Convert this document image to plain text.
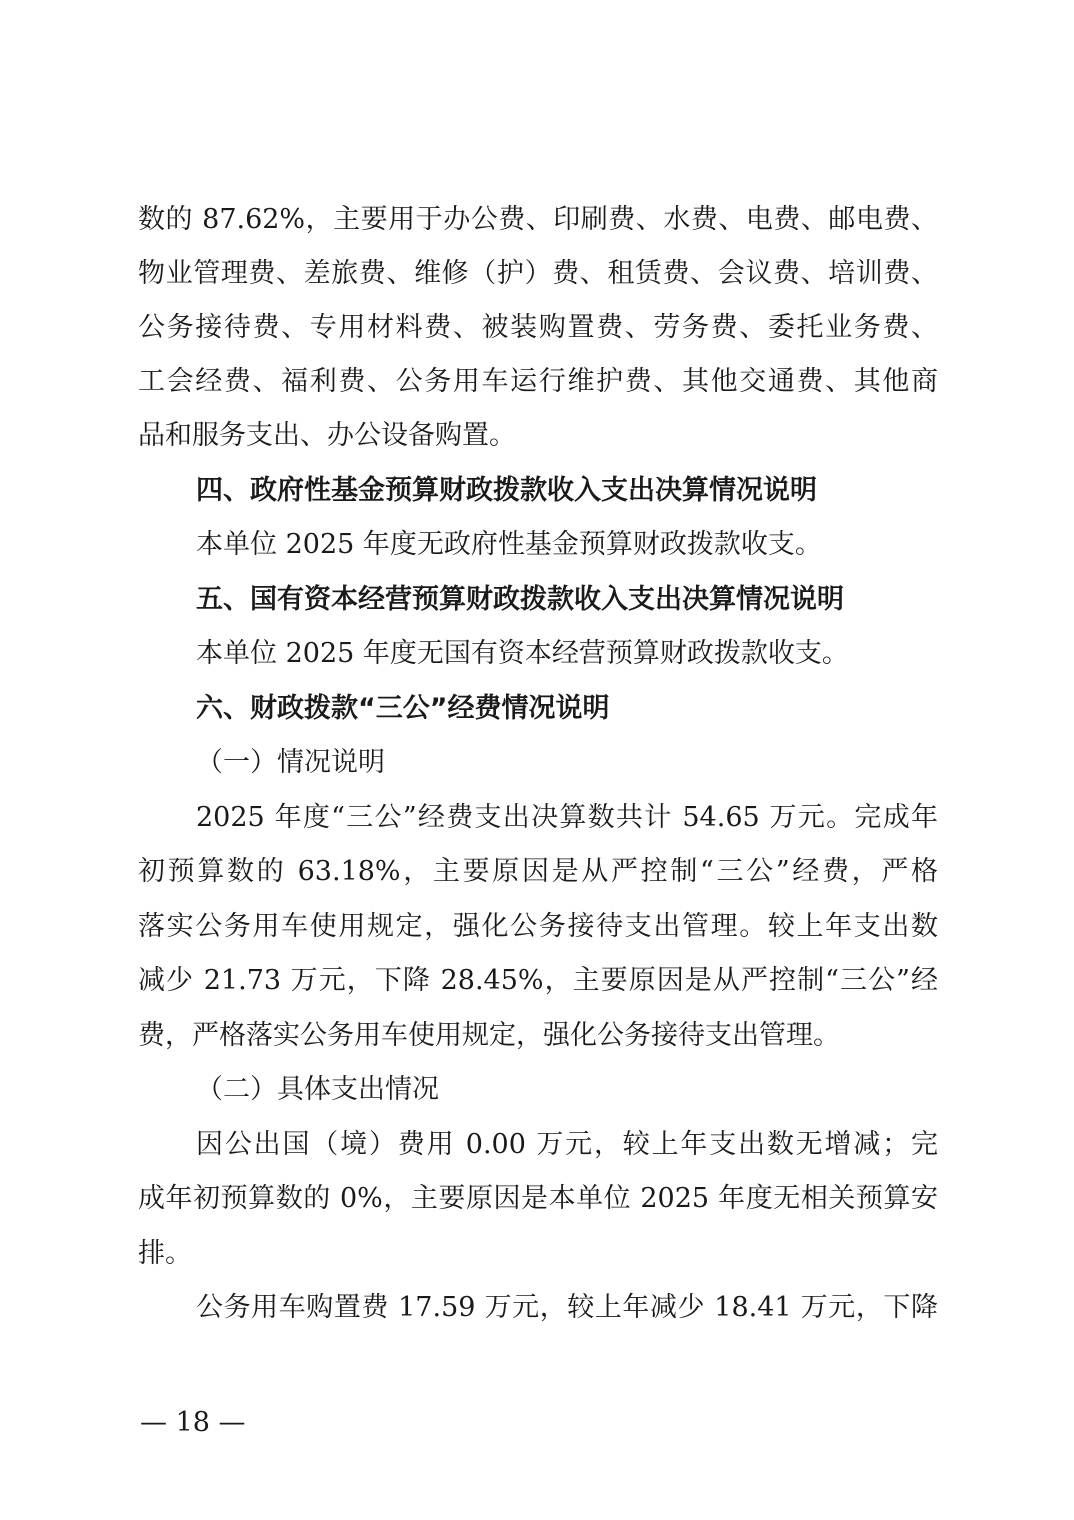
数的 87.62%，主要用于办公费、印刷费、水费、电费、邮电费、
物业管理费、差旅费、维修（护）费、租赁费、会议费、培训费、
公务接待费、专用材料费、被装购置费、劳务费、委托业务费、
工会经费、福利费、公务用车运行维护费、其他交通费、其他商
品和服务支出、办公设备购置。
四、政府性基金预算财政拨款收入支出决算情况说明
本单位 2025 年度无政府性基金预算财政拨款收支。
五、国有资本经营预算财政拨款收入支出决算情况说明
本单位 2025 年度无国有资本经营预算财政拨款收支。
六、财政拨款“三公”经费情况说明
（一）情况说明
2025 年度“三公”经费支出决算数共计 54.65 万元。完成年
初预算数的 63.18%，主要原因是从严控制“三公”经费，严格
落实公务用车使用规定，强化公务接待支出管理。较上年支出数
减少 21.73 万元，下降 28.45%，主要原因是从严控制“三公”经
费，严格落实公务用车使用规定，强化公务接待支出管理。
（二）具体支出情况
因公出国（境）费用 0.00 万元，较上年支出数无增减；完
成年初预算数的 0%，主要原因是本单位 2025 年度无相关预算安
排。
公务用车购置费 17.59 万元，较上年减少 18.41 万元，下降
— 18 —
